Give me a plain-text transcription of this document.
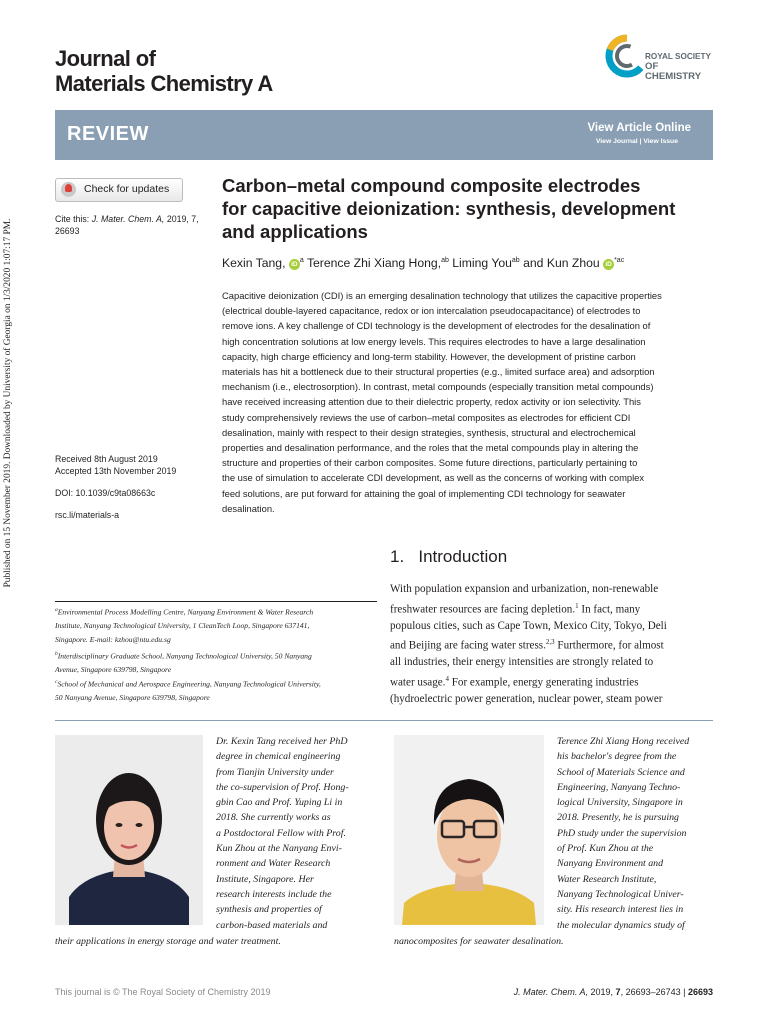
Published on 15 November 2019. Downloaded by University of Georgia on 1/3/2020 1:07:17 PM.
Journal of
Materials Chemistry A
ROYAL SOCIETY
OF CHEMISTRY
REVIEW	View Article Online
View Journal | View Issue
Check for updates
Cite this: J. Mater. Chem. A, 2019, 7,
26693
Received 8th August 2019
Accepted 13th November 2019
DOI: 10.1039/c9ta08663c
rsc.li/materials-a
Carbon–metal compound composite electrodes
for capacitive deionization: synthesis, development
and applications
Kexin Tang, $iD^a$ Terence Zhi Xiang Hong,$^{ab}$ Liming You$^{ab}$ and Kun Zhou $iD^{*ac}$
Capacitive deionization (CDI) is an emerging desalination technology that utilizes the capacitive properties
(electrical double-layered capacitance, redox or ion intercalation pseudocapacitance) of electrodes to
remove ions. A key challenge of CDI technology is the development of electrodes for the desalination of
high concentration solutions at low energy levels. This requires electrodes to have a large desalination
capacity, high charge efficiency and long-term stability. However, the development of pristine carbon
materials has hit a bottleneck due to their structural properties (e.g., limited surface area) and adsorption
mechanism (i.e., electrosorption). In contrast, metal compounds (especially transition metal compounds)
have received increasing attention due to their dielectric property, redox activity or ion selectivity. This
study comprehensively reviews the use of carbon–metal composites as electrodes for efficient CDI
desalination, mainly with respect to their design strategies, synthesis, structural and electrochemical
properties and desalination performance, and the roles that the metal compounds play in altering the
structure and properties of their carbon composites. Some future directions, particularly pertaining to
the use of simulation to accelerate CDI development, as well as the concerns of working with complex
feed solutions, are put forward for attaining the goal of implementing CDI technology for seawater
desalination.
1. Introduction
With population expansion and urbanization, non-renewable
freshwater resources are facing depletion.$^1$ In fact, many
populous cities, such as Cape Town, Mexico City, Tokyo, Deli
and Beijing are facing water stress.$^{2,3}$ Furthermore, for almost
all industries, their energy intensities are strongly related to
water usage.$^4$ For example, energy generating industries
(hydroelectric power generation, nuclear power, steam power
$^a$Environmental Process Modelling Centre, Nanyang Environment & Water Research
Institute, Nanyang Technological University, 1 CleanTech Loop, Singapore 637141,
Singapore. E-mail: kzhou@ntu.edu.sg
$^b$Interdisciplinary Graduate School, Nanyang Technological University, 50 Nanyang
Avenue, Singapore 639798, Singapore
$^c$School of Mechanical and Aerospace Engineering, Nanyang Technological University,
50 Nanyang Avenue, Singapore 639798, Singapore
Dr. Kexin Tang received her PhD
degree in chemical engineering
from Tianjin University under
the co-supervision of Prof. Hong-
gbin Cao and Prof. Yuping Li in
2018. She currently works as
a Postdoctoral Fellow with Prof.
Kun Zhou at the Nanyang Envi-
ronment and Water Research
Institute, Singapore. Her
research interests include the
synthesis and properties of
carbon-based materials and
their applications in energy storage and water treatment.
Terence Zhi Xiang Hong received
his bachelor's degree from the
School of Materials Science and
Engineering, Nanyang Techno-
logical University, Singapore in
2018. Presently, he is pursuing
PhD study under the supervision
of Prof. Kun Zhou at the
Nanyang Environment and
Water Research Institute,
Nanyang Technological Univer-
sity. His research interest lies in
the molecular dynamics study of
nanocomposites for seawater desalination.
This journal is © The Royal Society of Chemistry 2019	J. Mater. Chem. A, 2019, 7, 26693–26743 | 26693
